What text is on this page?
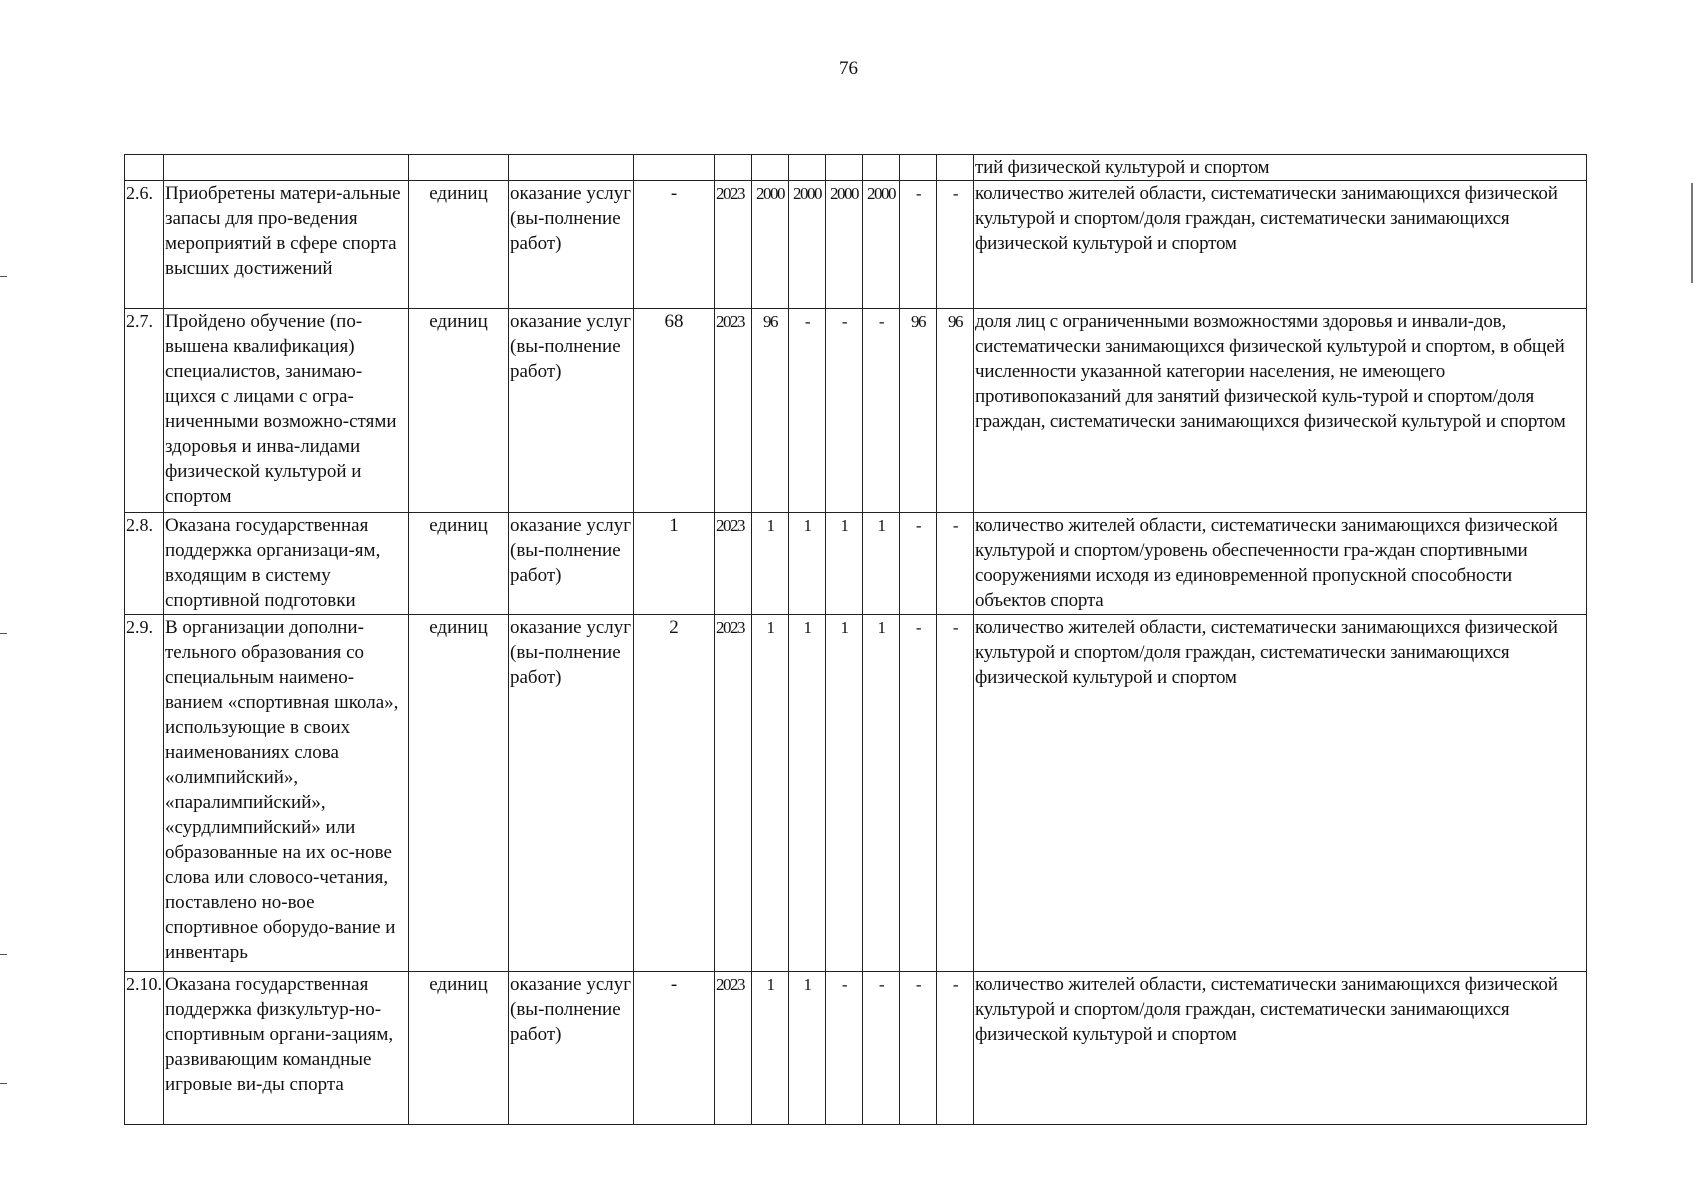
76
												тий физической культурой и спортом
2.6.	Приобретены матери-альные запасы для про-ведения мероприятий в сфере спорта высших достижений	единиц	оказание услуг (вы-полнение работ)	-	2023	2000	2000	2000	2000	-	-	количество жителей области, систематически занимающихся физической культурой и спортом/доля граждан, систематически занимающихся физической культурой и спортом
2.7.	Пройдено обучение (по-вышена квалификация) специалистов, занимаю-щихся с лицами с огра-ниченными возможно-стями здоровья и инва-лидами физической культурой и спортом	единиц	оказание услуг (вы-полнение работ)	68	2023	96	-	-	-	96	96	доля лиц с ограниченными возможностями здоровья и инвали-дов, систематически занимающихся физической культурой и спортом, в общей численности указанной категории населения, не имеющего противопоказаний для занятий физической куль-турой и спортом/доля граждан, систематически занимающихся физической культурой и спортом
2.8.	Оказана государственная поддержка организаци-ям, входящим в систему спортивной подготовки	единиц	оказание услуг (вы-полнение работ)	1	2023	1	1	1	1	-	-	количество жителей области, систематически занимающихся физической культурой и спортом/уровень обеспеченности гра-ждан спортивными сооружениями исходя из единовременной пропускной способности объектов спорта
2.9.	В организации дополни-тельного образования со специальным наимено-ванием «спортивная школа», использующие в своих наименованиях слова «олимпийский», «паралимпийский», «сурдлимпийский» или образованные на их ос-нове слова или словосо-четания, поставлено но-вое спортивное оборудо-вание и инвентарь	единиц	оказание услуг (вы-полнение работ)	2	2023	1	1	1	1	-	-	количество жителей области, систематически занимающихся физической культурой и спортом/доля граждан, систематически занимающихся физической культурой и спортом
2.10.	Оказана государственная поддержка физкультур-но-спортивным органи-зациям, развивающим командные игровые ви-ды спорта	единиц	оказание услуг (вы-полнение работ)	-	2023	1	1	-	-	-	-	количество жителей области, систематически занимающихся физической культурой и спортом/доля граждан, систематически занимающихся физической культурой и спортом
